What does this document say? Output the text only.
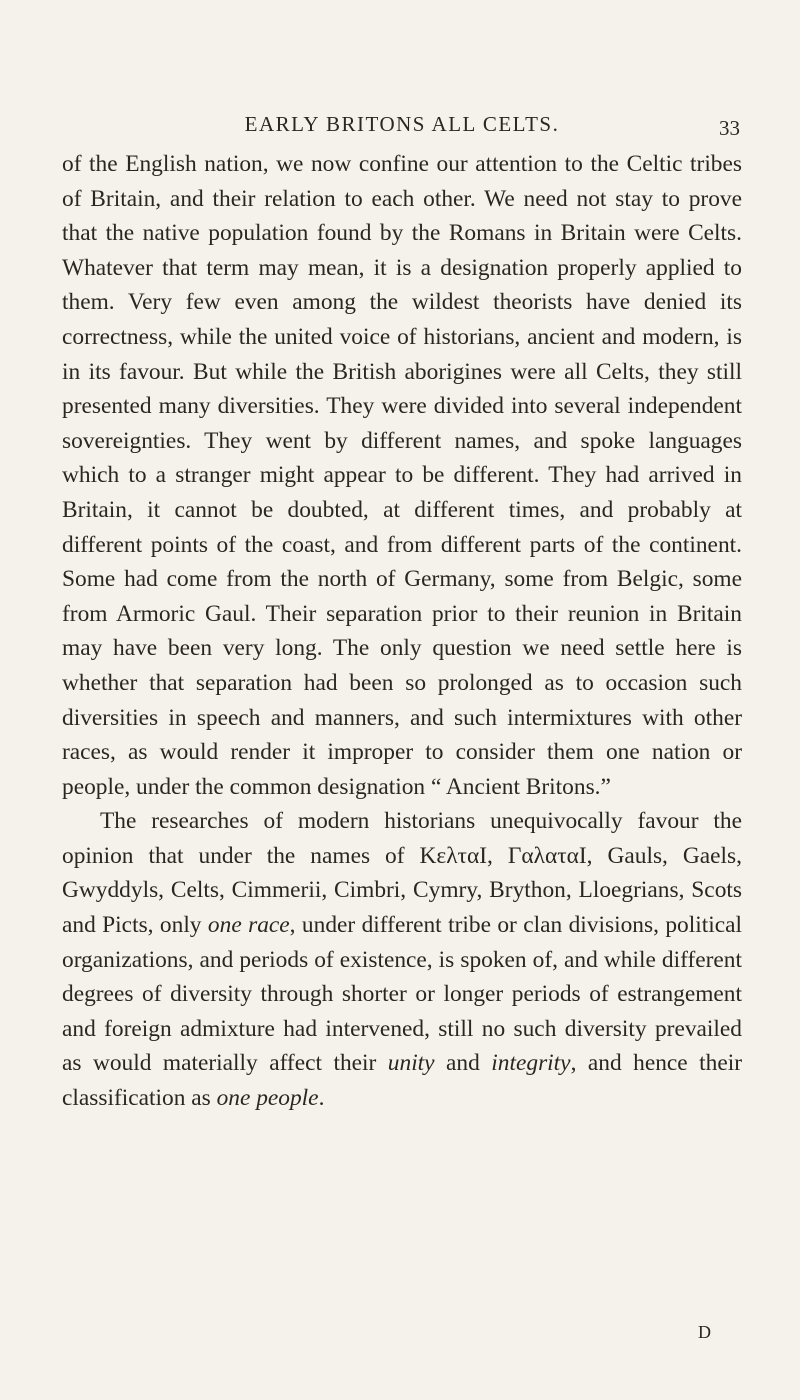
EARLY BRITONS ALL CELTS.	33

of the English nation, we now confine our attention to the Celtic tribes of Britain, and their relation to each other. We need not stay to prove that the native population found by the Romans in Britain were Celts. Whatever that term may mean, it is a designation properly applied to them. Very few even among the wildest theorists have denied its correctness, while the united voice of historians, ancient and modern, is in its favour. But while the British aborigines were all Celts, they still presented many diversities. They were divided into several independent sovereignties. They went by different names, and spoke languages which to a stranger might appear to be different. They had arrived in Britain, it cannot be doubted, at different times, and probably at different points of the coast, and from different parts of the continent. Some had come from the north of Germany, some from Belgic, some from Armoric Gaul. Their separation prior to their reunion in Britain may have been very long. The only question we need settle here is whether that separation had been so prolonged as to occasion such diversities in speech and manners, and such intermixtures with other races, as would render it improper to consider them one nation or people, under the common designation “ Ancient Britons.”

The researches of modern historians unequivocally favour the opinion that under the names of ΚελταΙ, ΓαλαταΙ, Gauls, Gaels, Gwyddyls, Celts, Cimmerii, Cimbri, Cymry, Brython, Lloegrians, Scots and Picts, only one race, under different tribe or clan divisions, political organizations, and periods of existence, is spoken of, and while different degrees of diversity through shorter or longer periods of estrangement and foreign admixture had intervened, still no such diversity prevailed as would materially affect their unity and integrity, and hence their classification as one people.

D
